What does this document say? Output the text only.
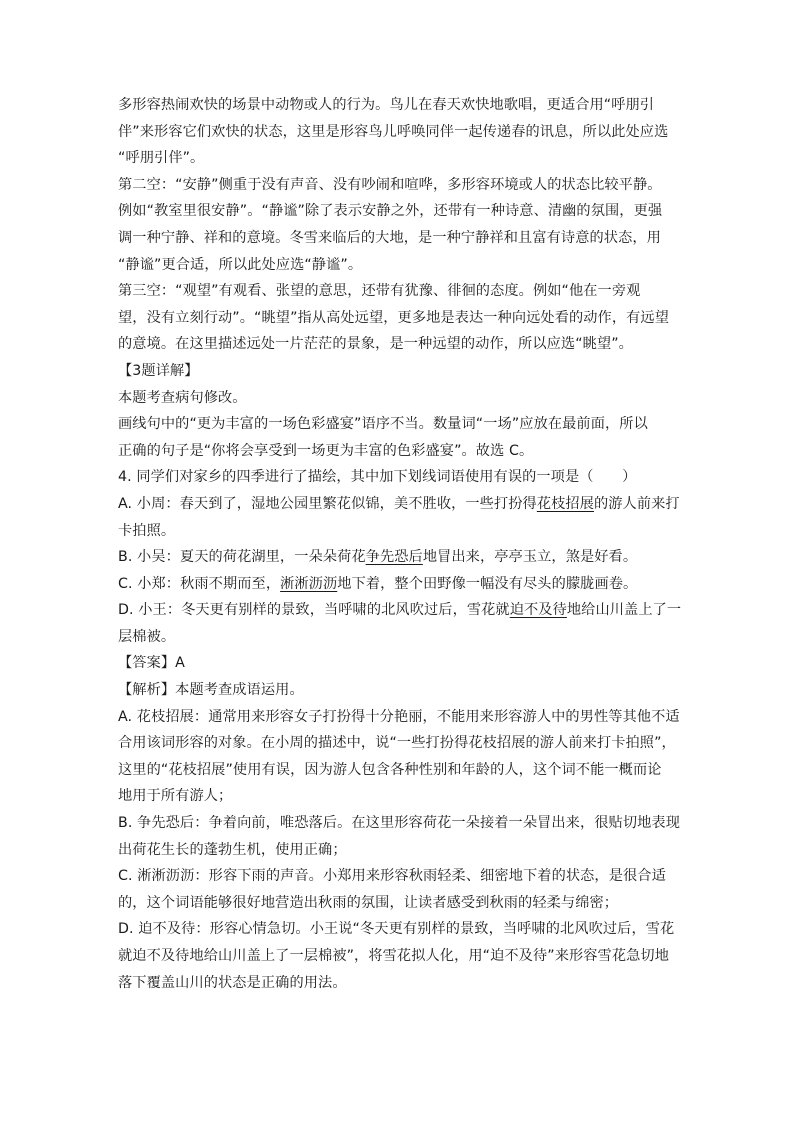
多形容热闹欢快的场景中动物或人的行为。鸟儿在春天欢快地歌唱，更适合用“呼朋引
伴”来形容它们欢快的状态，这里是形容鸟儿呼唤同伴一起传递春的讯息，所以此处应选
“呼朋引伴”。
第二空：“安静”侧重于没有声音、没有吵闹和喧哗，多形容环境或人的状态比较平静。
例如“教室里很安静”。“静谧”除了表示安静之外，还带有一种诗意、清幽的氛围，更强
调一种宁静、祥和的意境。冬雪来临后的大地，是一种宁静祥和且富有诗意的状态，用
“静谧”更合适，所以此处应选“静谧”。
第三空：“观望”有观看、张望的意思，还带有犹豫、徘徊的态度。例如“他在一旁观
望，没有立刻行动”。“眺望”指从高处远望，更多地是表达一种向远处看的动作，有远望
的意境。在这里描述远处一片茫茫的景象，是一种远望的动作，所以应选“眺望”。
【3题详解】
本题考查病句修改。
画线句中的“更为丰富的一场色彩盛宴”语序不当。数量词“一场”应放在最前面，所以
正确的句子是“你将会享受到一场更为丰富的色彩盛宴”。故选 C。
4. 同学们对家乡的四季进行了描绘，其中加下划线词语使用有误的一项是（　　）
A. 小周：春天到了，湿地公园里繁花似锦，美不胜收，一些打扮得花枝招展的游人前来打
卡拍照。
B. 小吴：夏天的荷花湖里，一朵朵荷花争先恐后地冒出来，亭亭玉立，煞是好看。
C. 小郑：秋雨不期而至，淅淅沥沥地下着，整个田野像一幅没有尽头的朦胧画卷。
D. 小王：冬天更有别样的景致，当呼啸的北风吹过后，雪花就迫不及待地给山川盖上了一
层棉被。
【答案】A
【解析】本题考查成语运用。
A. 花枝招展：通常用来形容女子打扮得十分艳丽，不能用来形容游人中的男性等其他不适
合用该词形容的对象。在小周的描述中，说“一些打扮得花枝招展的游人前来打卡拍照”，
这里的“花枝招展”使用有误，因为游人包含各种性别和年龄的人，这个词不能一概而论
地用于所有游人；
B. 争先恐后：争着向前，唯恐落后。在这里形容荷花一朵接着一朵冒出来，很贴切地表现
出荷花生长的蓬勃生机，使用正确；
C. 淅淅沥沥：形容下雨的声音。小郑用来形容秋雨轻柔、细密地下着的状态，是很合适
的，这个词语能够很好地营造出秋雨的氛围，让读者感受到秋雨的轻柔与绵密；
D. 迫不及待：形容心情急切。小王说“冬天更有别样的景致，当呼啸的北风吹过后，雪花
就迫不及待地给山川盖上了一层棉被”，将雪花拟人化，用“迫不及待”来形容雪花急切地
落下覆盖山川的状态是正确的用法。
